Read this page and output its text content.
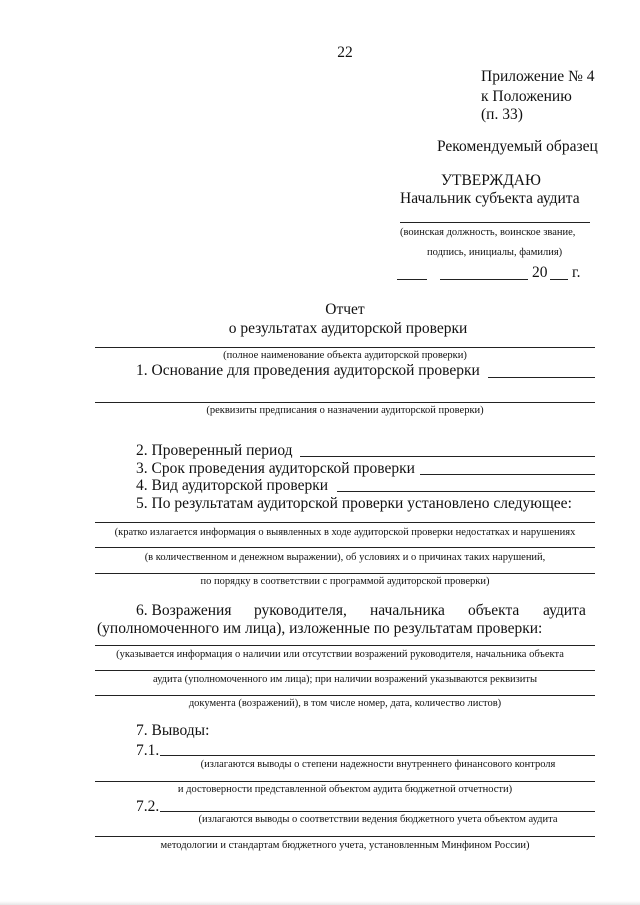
22
Приложение № 4
к Положению
(п. 33)
Рекомендуемый образец
УТВЕРЖДАЮ
Начальник субъекта аудита
(воинская должность, воинское звание,
подпись, инициалы, фамилия)
20 г.
Отчет
о результатах аудиторской проверки
(полное наименование объекта аудиторской проверки)
1. Основание для проведения аудиторской проверки
(реквизиты предписания о назначении аудиторской проверки)
2. Проверенный период
3. Срок проведения аудиторской проверки
4. Вид аудиторской проверки
5. По результатам аудиторской проверки установлено следующее:
(кратко излагается информация о выявленных в ходе аудиторской проверки недостатках и нарушениях
(в количественном и денежном выражении), об условиях и о причинах таких нарушений,
по порядку в соответствии с программой аудиторской проверки)
6. Возражения руководителя, начальника объекта аудита
(уполномоченного им лица), изложенные по результатам проверки:
(указывается информация о наличии или отсутствии возражений руководителя, начальника объекта
аудита (уполномоченного им лица); при наличии возражений указываются реквизиты
документа (возражений), в том числе номер, дата, количество листов)
7. Выводы:
7.1.
(излагаются выводы о степени надежности внутреннего финансового контроля
и достоверности представленной объектом аудита бюджетной отчетности)
7.2.
(излагаются выводы о соответствии ведения бюджетного учета объектом аудита
методологии и стандартам бюджетного учета, установленным Минфином России)
